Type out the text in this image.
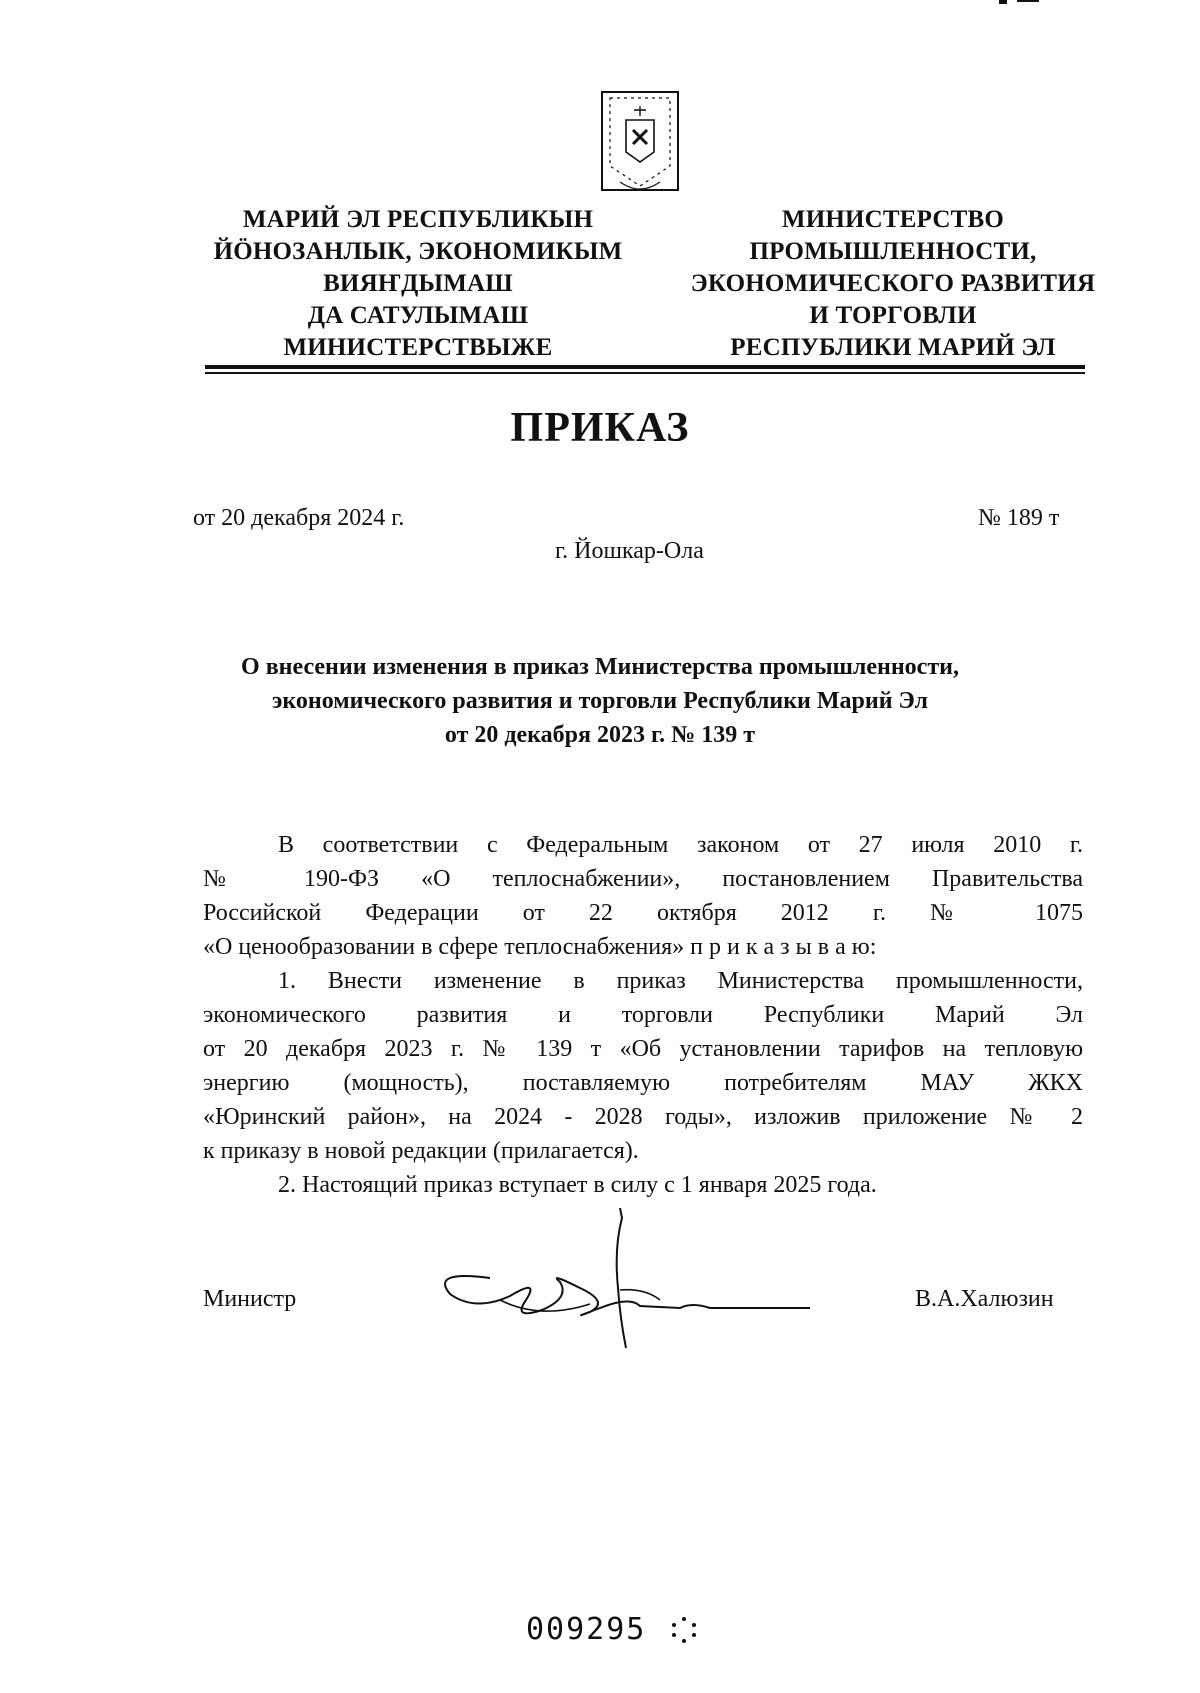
МАРИЙ ЭЛ РЕСПУБЛИКЫН
ЙÖНОЗАНЛЫК, ЭКОНОМИКЫМ
ВИЯҤДЫМАШ
ДА САТУЛЫМАШ
МИНИСТЕРСТВЫЖЕ
МИНИСТЕРСТВО
ПРОМЫШЛЕННОСТИ,
ЭКОНОМИЧЕСКОГО РАЗВИТИЯ
И ТОРГОВЛИ
РЕСПУБЛИКИ МАРИЙ ЭЛ
ПРИКАЗ
от 20 декабря 2024 г.	№ 189 т
г. Йошкар-Ола
О внесении изменения в приказ Министерства промышленности,
экономического развития и торговли Республики Марий Эл
от 20 декабря 2023 г. № 139 т
В соответствии с Федеральным законом от 27 июля 2010 г.
№ 190-ФЗ «О теплоснабжении», постановлением Правительства
Российской Федерации от 22 октября 2012 г. № 1075
«О ценообразовании в сфере теплоснабжения» п р и к а з ы в а ю:
1. Внести изменение в приказ Министерства промышленности,
экономического развития и торговли Республики Марий Эл
от 20 декабря 2023 г. № 139 т «Об установлении тарифов на тепловую
энергию (мощность), поставляемую потребителям МАУ ЖКХ
«Юринский район», на 2024 - 2028 годы», изложив приложение № 2
к приказу в новой редакции (прилагается).
2. Настоящий приказ вступает в силу с 1 января 2025 года.
Министр	В.А.Халюзин
009295
